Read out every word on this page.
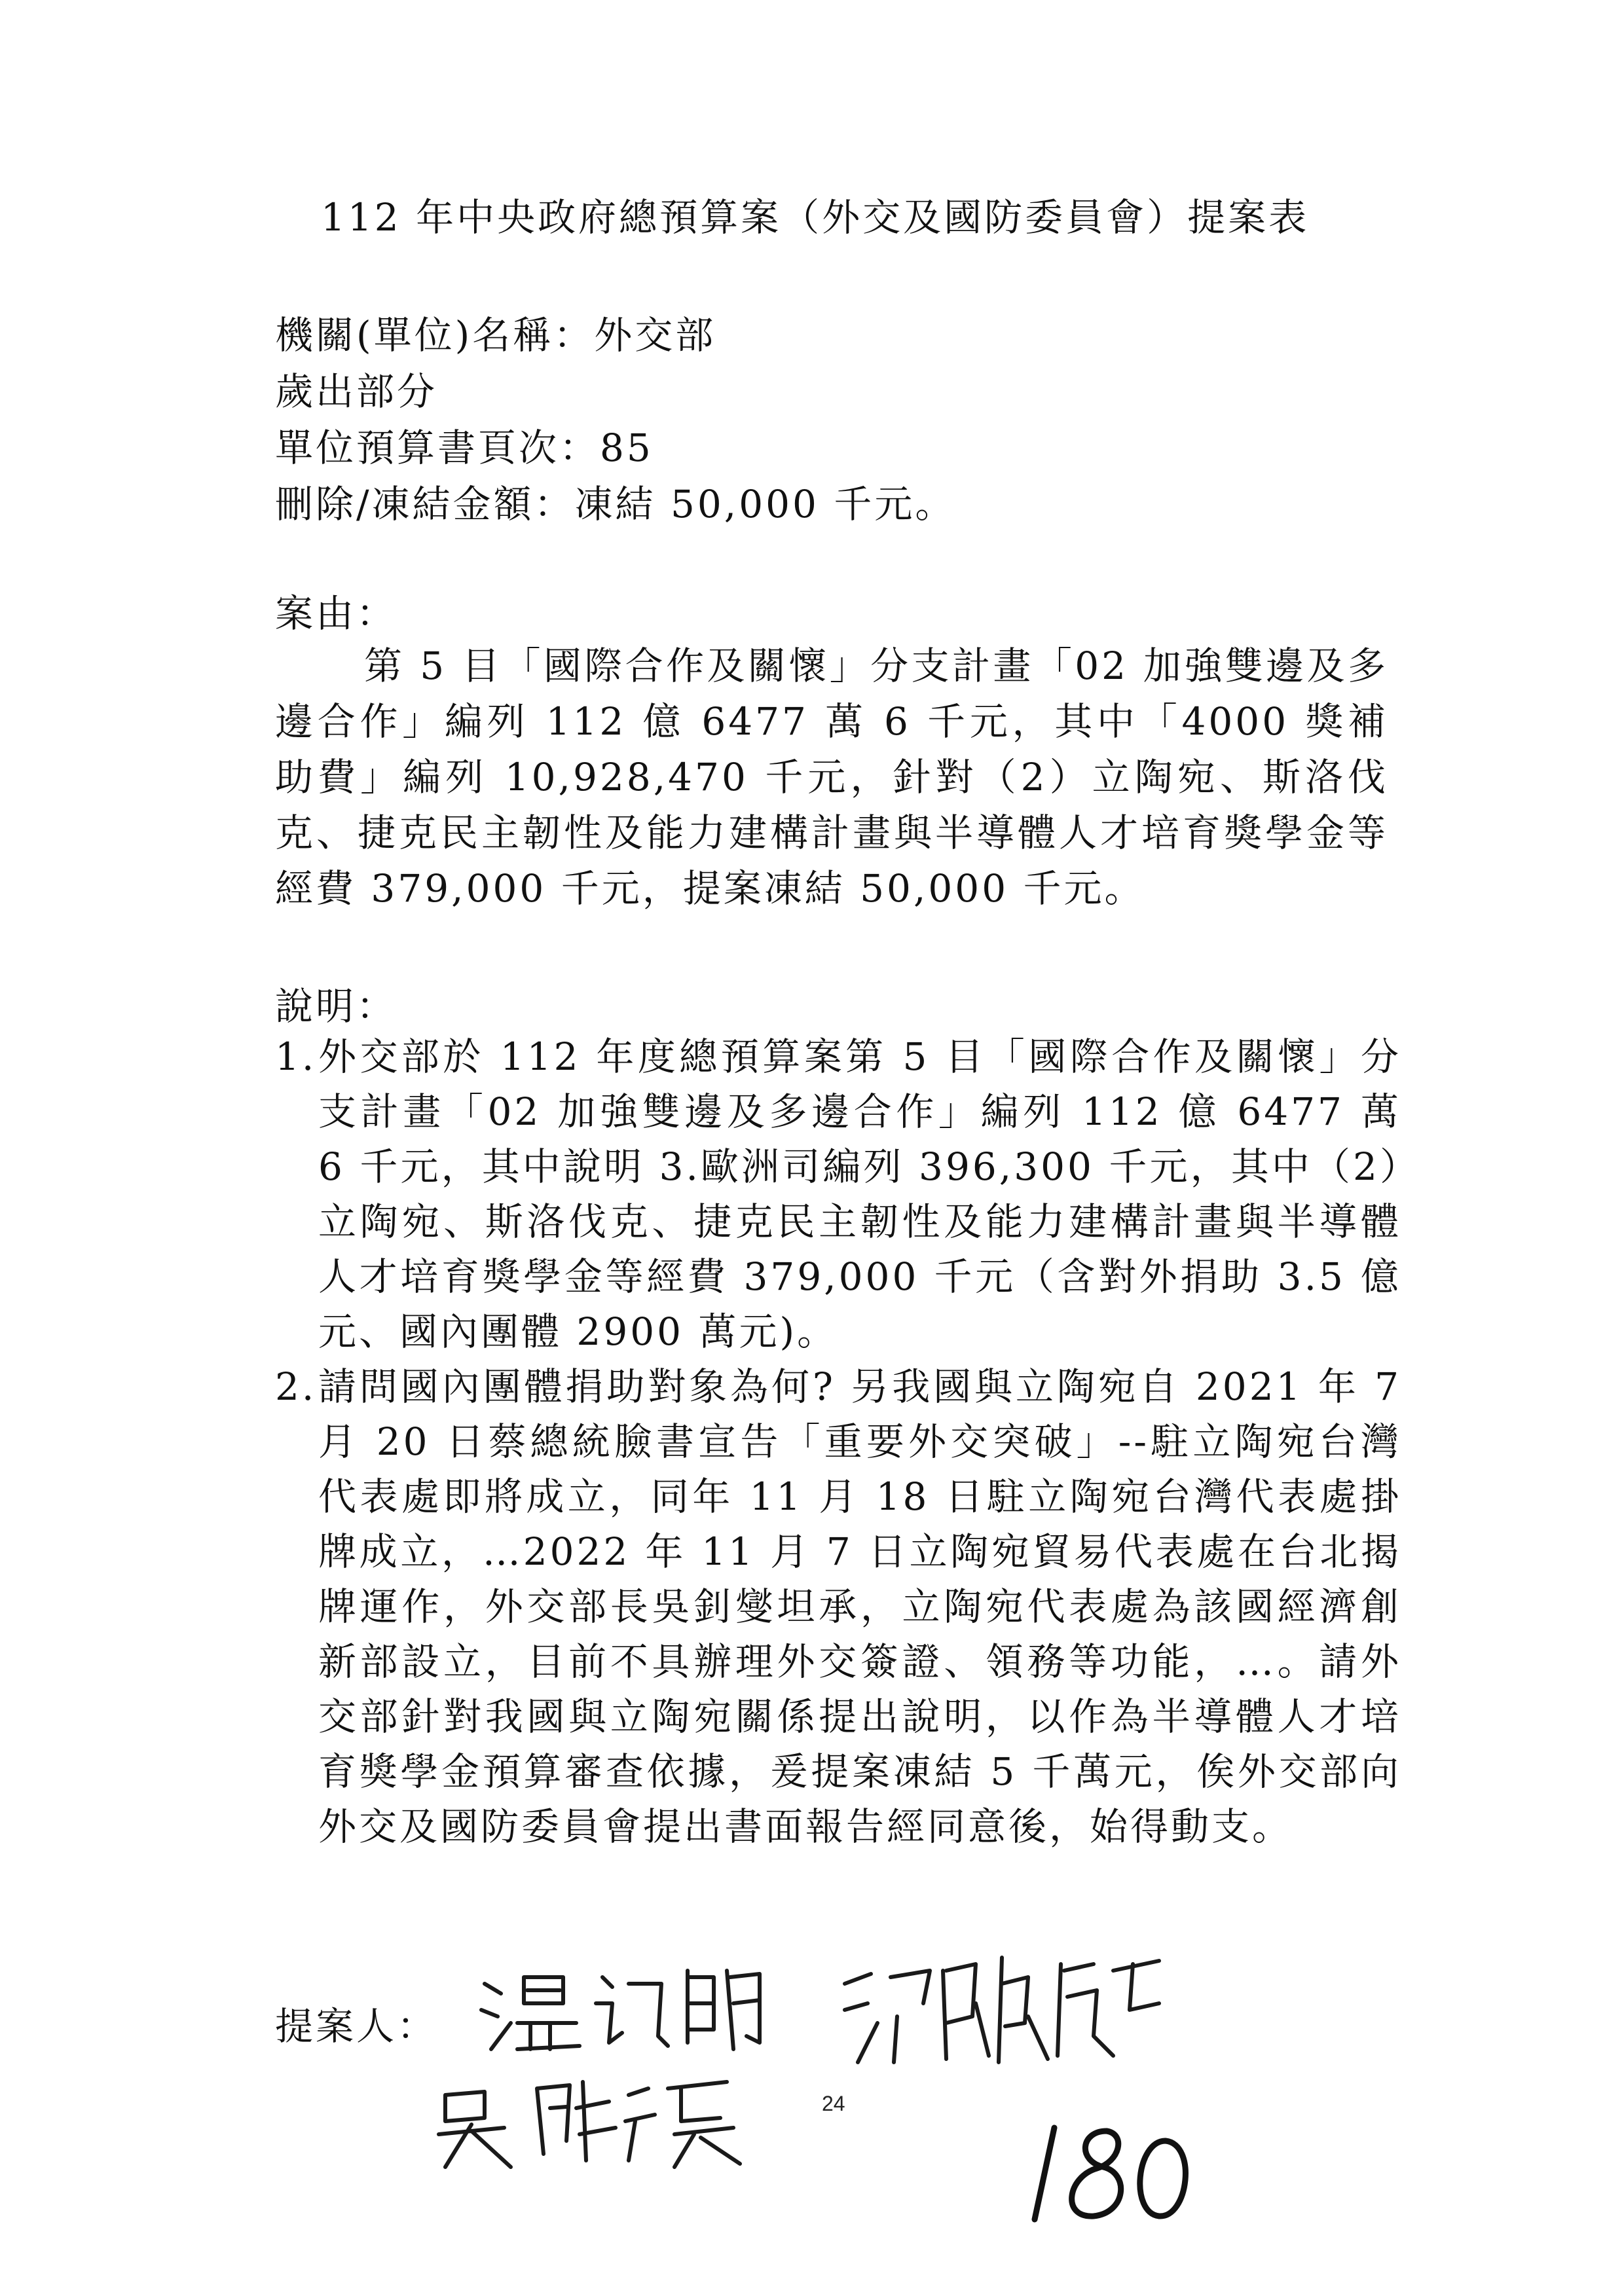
112 年中央政府總預算案（外交及國防委員會）提案表
機關(單位)名稱：外交部
歲出部分
單位預算書頁次：85
刪除/凍結金額：凍結 50,000 千元。
案由：
第 5 目「國際合作及關懷」分支計畫「02 加強雙邊及多邊合作」編列 112 億 6477 萬 6 千元，其中「4000 獎補助費」編列 10,928,470 千元，針對（2）立陶宛、斯洛伐克、捷克民主韌性及能力建構計畫與半導體人才培育獎學金等經費 379,000 千元，提案凍結 50,000 千元。
說明：
1. 外交部於 112 年度總預算案第 5 目「國際合作及關懷」分支計畫「02 加強雙邊及多邊合作」編列 112 億 6477 萬 6 千元，其中說明 3.歐洲司編列 396,300 千元，其中（2）立陶宛、斯洛伐克、捷克民主韌性及能力建構計畫與半導體人才培育獎學金等經費 379,000 千元（含對外捐助 3.5 億元、國內團體 2900 萬元)。
2. 請問國內團體捐助對象為何? 另我國與立陶宛自 2021 年 7 月 20 日蔡總統臉書宣告「重要外交突破」--駐立陶宛台灣代表處即將成立，同年 11 月 18 日駐立陶宛台灣代表處掛牌成立，…2022 年 11 月 7 日立陶宛貿易代表處在台北揭牌運作，外交部長吳釗燮坦承，立陶宛代表處為該國經濟創新部設立，目前不具辦理外交簽證、領務等功能，…。請外交部針對我國與立陶宛關係提出說明，以作為半導體人才培育獎學金預算審查依據，爰提案凍結 5 千萬元，俟外交部向外交及國防委員會提出書面報告經同意後，始得動支。
提案人：
24
